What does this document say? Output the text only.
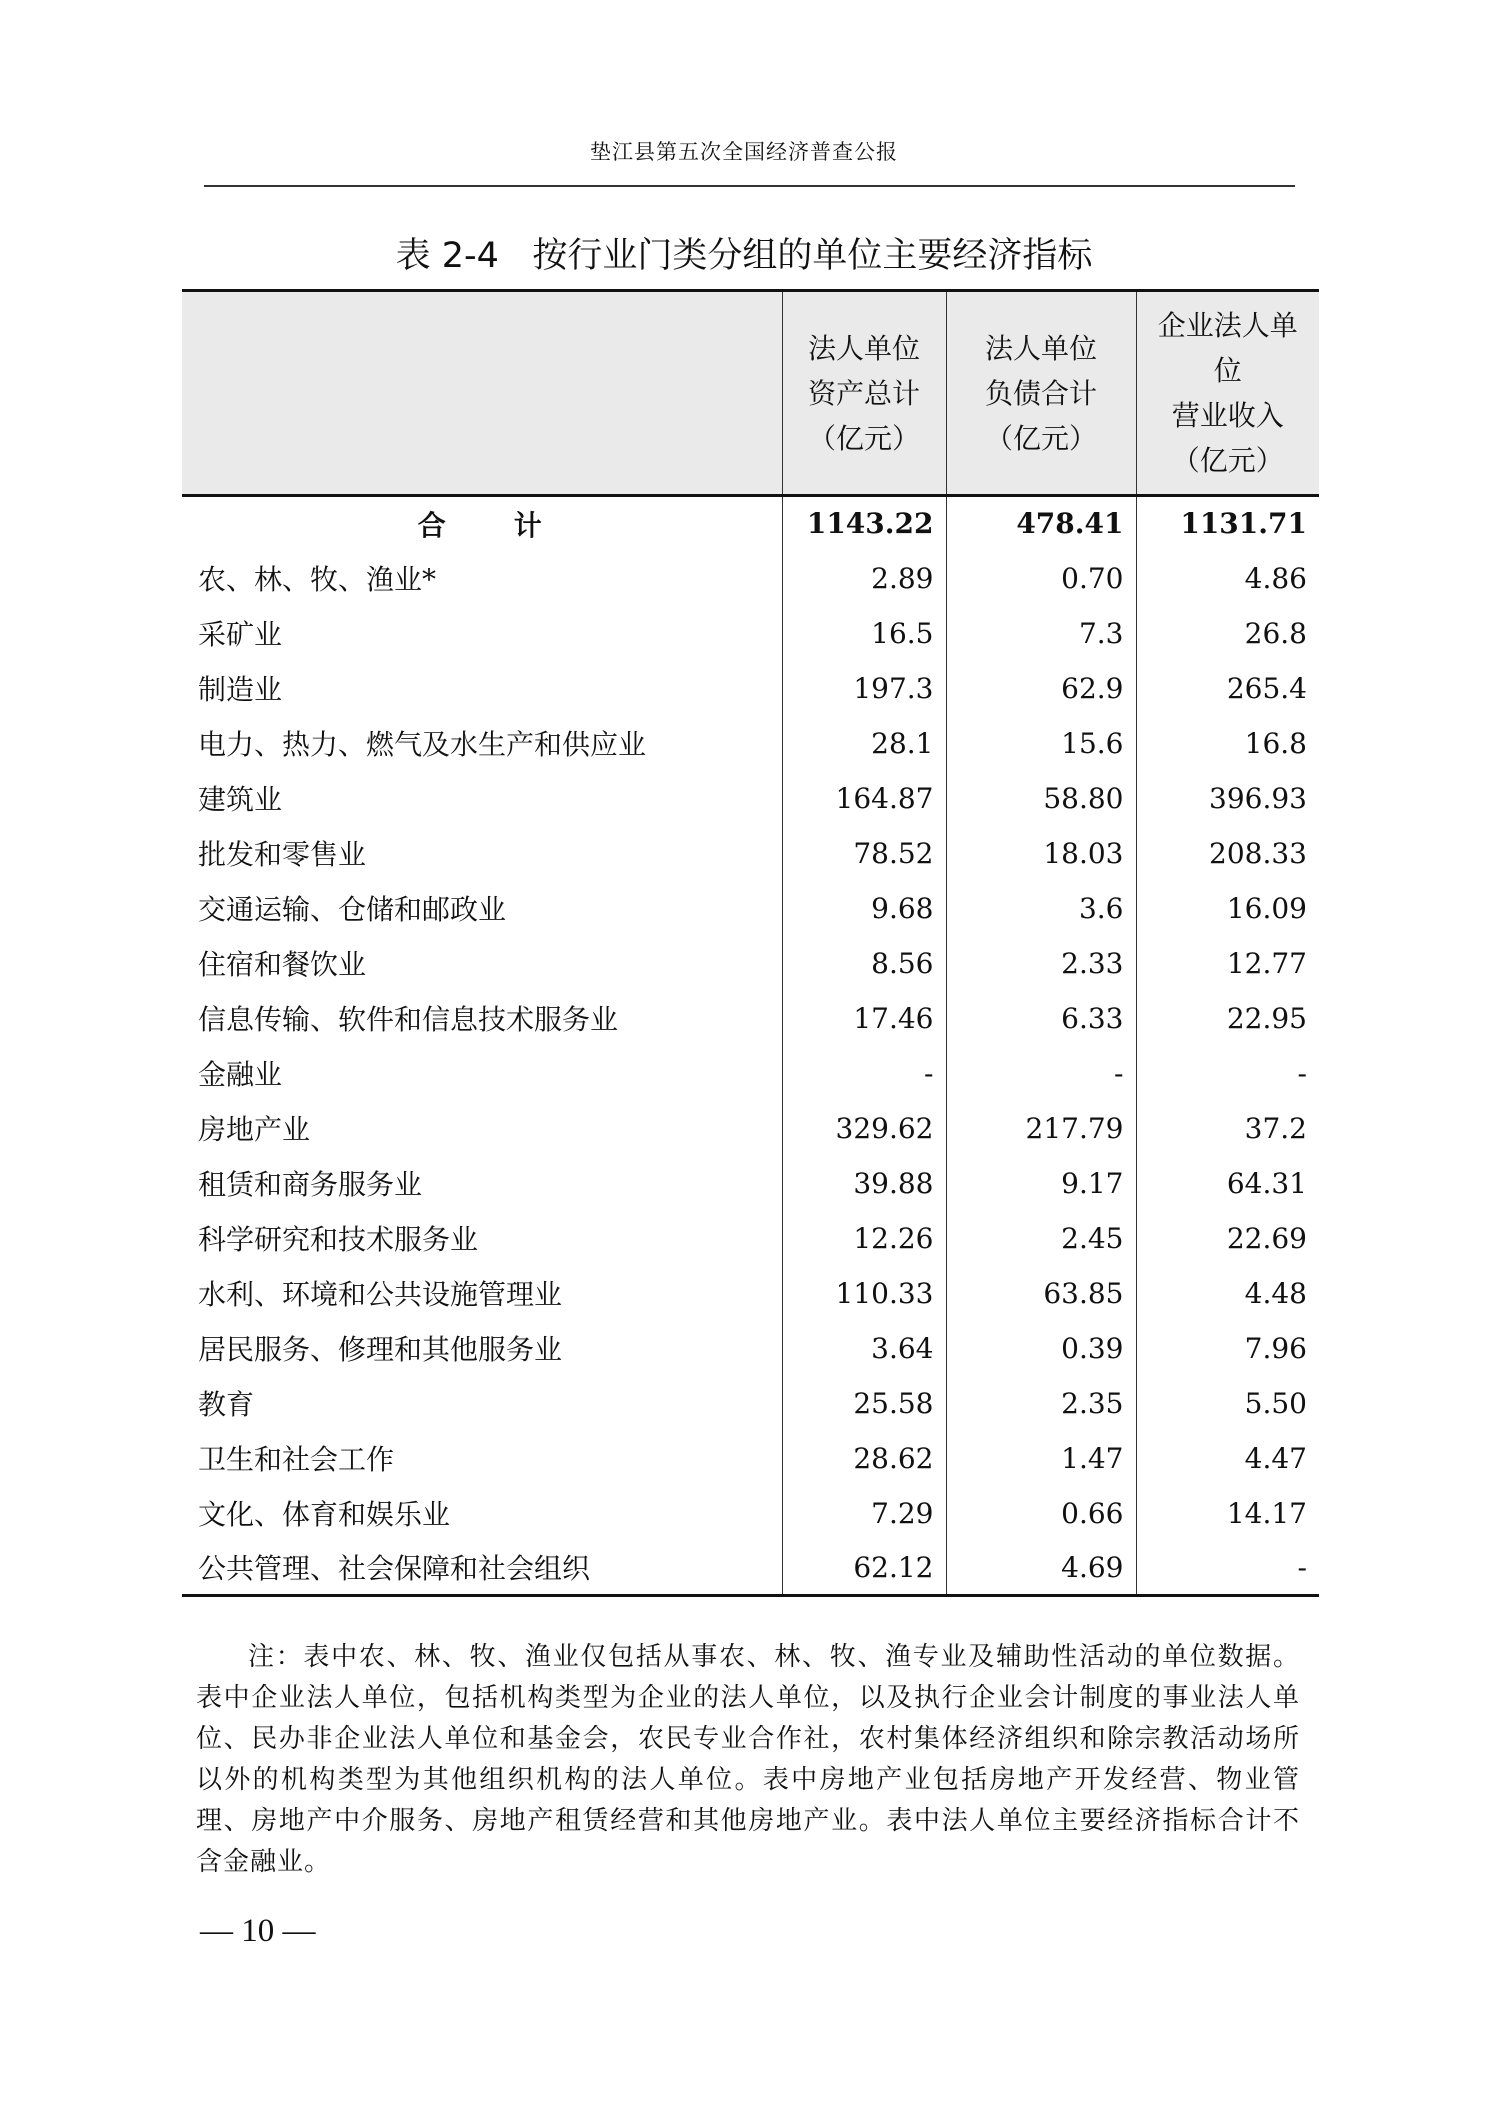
垫江县第五次全国经济普查公报
表 2-4   按行业门类分组的单位主要经济指标

	法人单位
资产总计
（亿元）	法人单位
负债合计
（亿元）	企业法人单
位
营业收入
（亿元）

合　计	1143.22	478.41	1131.71
农、林、牧、渔业*	2.89	0.70	4.86
采矿业	16.5	7.3	26.8
制造业	197.3	62.9	265.4
电力、热力、燃气及水生产和供应业	28.1	15.6	16.8
建筑业	164.87	58.80	396.93
批发和零售业	78.52	18.03	208.33
交通运输、仓储和邮政业	9.68	3.6	16.09
住宿和餐饮业	8.56	2.33	12.77
信息传输、软件和信息技术服务业	17.46	6.33	22.95
金融业	-	-	-
房地产业	329.62	217.79	37.2
租赁和商务服务业	39.88	9.17	64.31
科学研究和技术服务业	12.26	2.45	22.69
水利、环境和公共设施管理业	110.33	63.85	4.48
居民服务、修理和其他服务业	3.64	0.39	7.96
教育	25.58	2.35	5.50
卫生和社会工作	28.62	1.47	4.47
文化、体育和娱乐业	7.29	0.66	14.17
公共管理、社会保障和社会组织	62.12	4.69	-

注：表中农、林、牧、渔业仅包括从事农、林、牧、渔专业及辅助性活动的单位数据。表中企业法人单位，包括机构类型为企业的法人单位，以及执行企业会计制度的事业法人单位、民办非企业法人单位和基金会，农民专业合作社，农村集体经济组织和除宗教活动场所以外的机构类型为其他组织机构的法人单位。表中房地产业包括房地产开发经营、物业管理、房地产中介服务、房地产租赁经营和其他房地产业。表中法人单位主要经济指标合计不含金融业。

— 10 —
